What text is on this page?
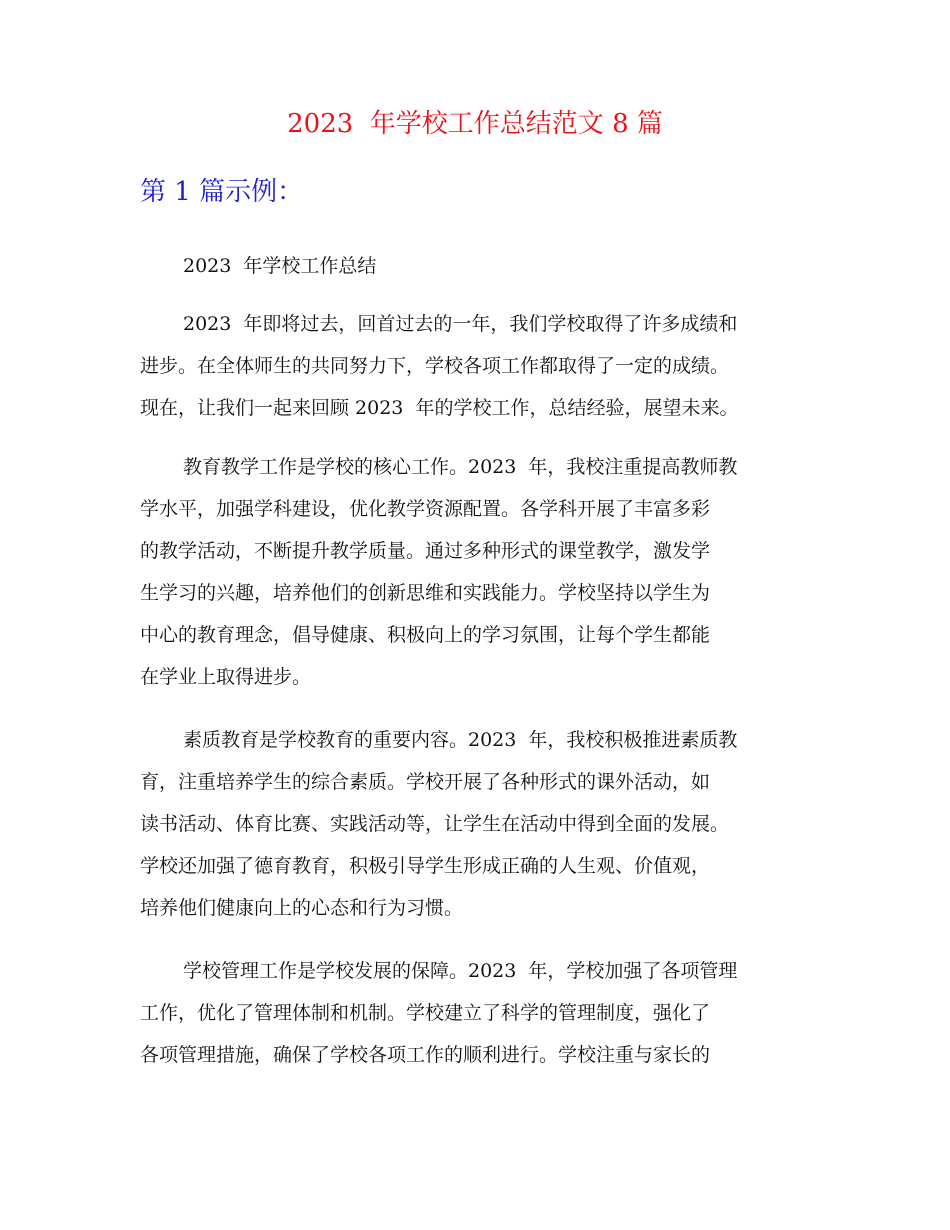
2023  年学校工作总结范文 8 篇
第 1 篇示例：
2023  年学校工作总结
2023  年即将过去，回首过去的一年，我们学校取得了许多成绩和
进步。在全体师生的共同努力下，学校各项工作都取得了一定的成绩。
现在，让我们一起来回顾 2023  年的学校工作，总结经验，展望未来。
教育教学工作是学校的核心工作。2023  年，我校注重提高教师教
学水平，加强学科建设，优化教学资源配置。各学科开展了丰富多彩
的教学活动，不断提升教学质量。通过多种形式的课堂教学，激发学
生学习的兴趣，培养他们的创新思维和实践能力。学校坚持以学生为
中心的教育理念，倡导健康、积极向上的学习氛围，让每个学生都能
在学业上取得进步。
素质教育是学校教育的重要内容。2023  年，我校积极推进素质教
育，注重培养学生的综合素质。学校开展了各种形式的课外活动，如
读书活动、体育比赛、实践活动等，让学生在活动中得到全面的发展。
学校还加强了德育教育，积极引导学生形成正确的人生观、价值观，
培养他们健康向上的心态和行为习惯。
学校管理工作是学校发展的保障。2023  年，学校加强了各项管理
工作，优化了管理体制和机制。学校建立了科学的管理制度，强化了
各项管理措施，确保了学校各项工作的顺利进行。学校注重与家长的
